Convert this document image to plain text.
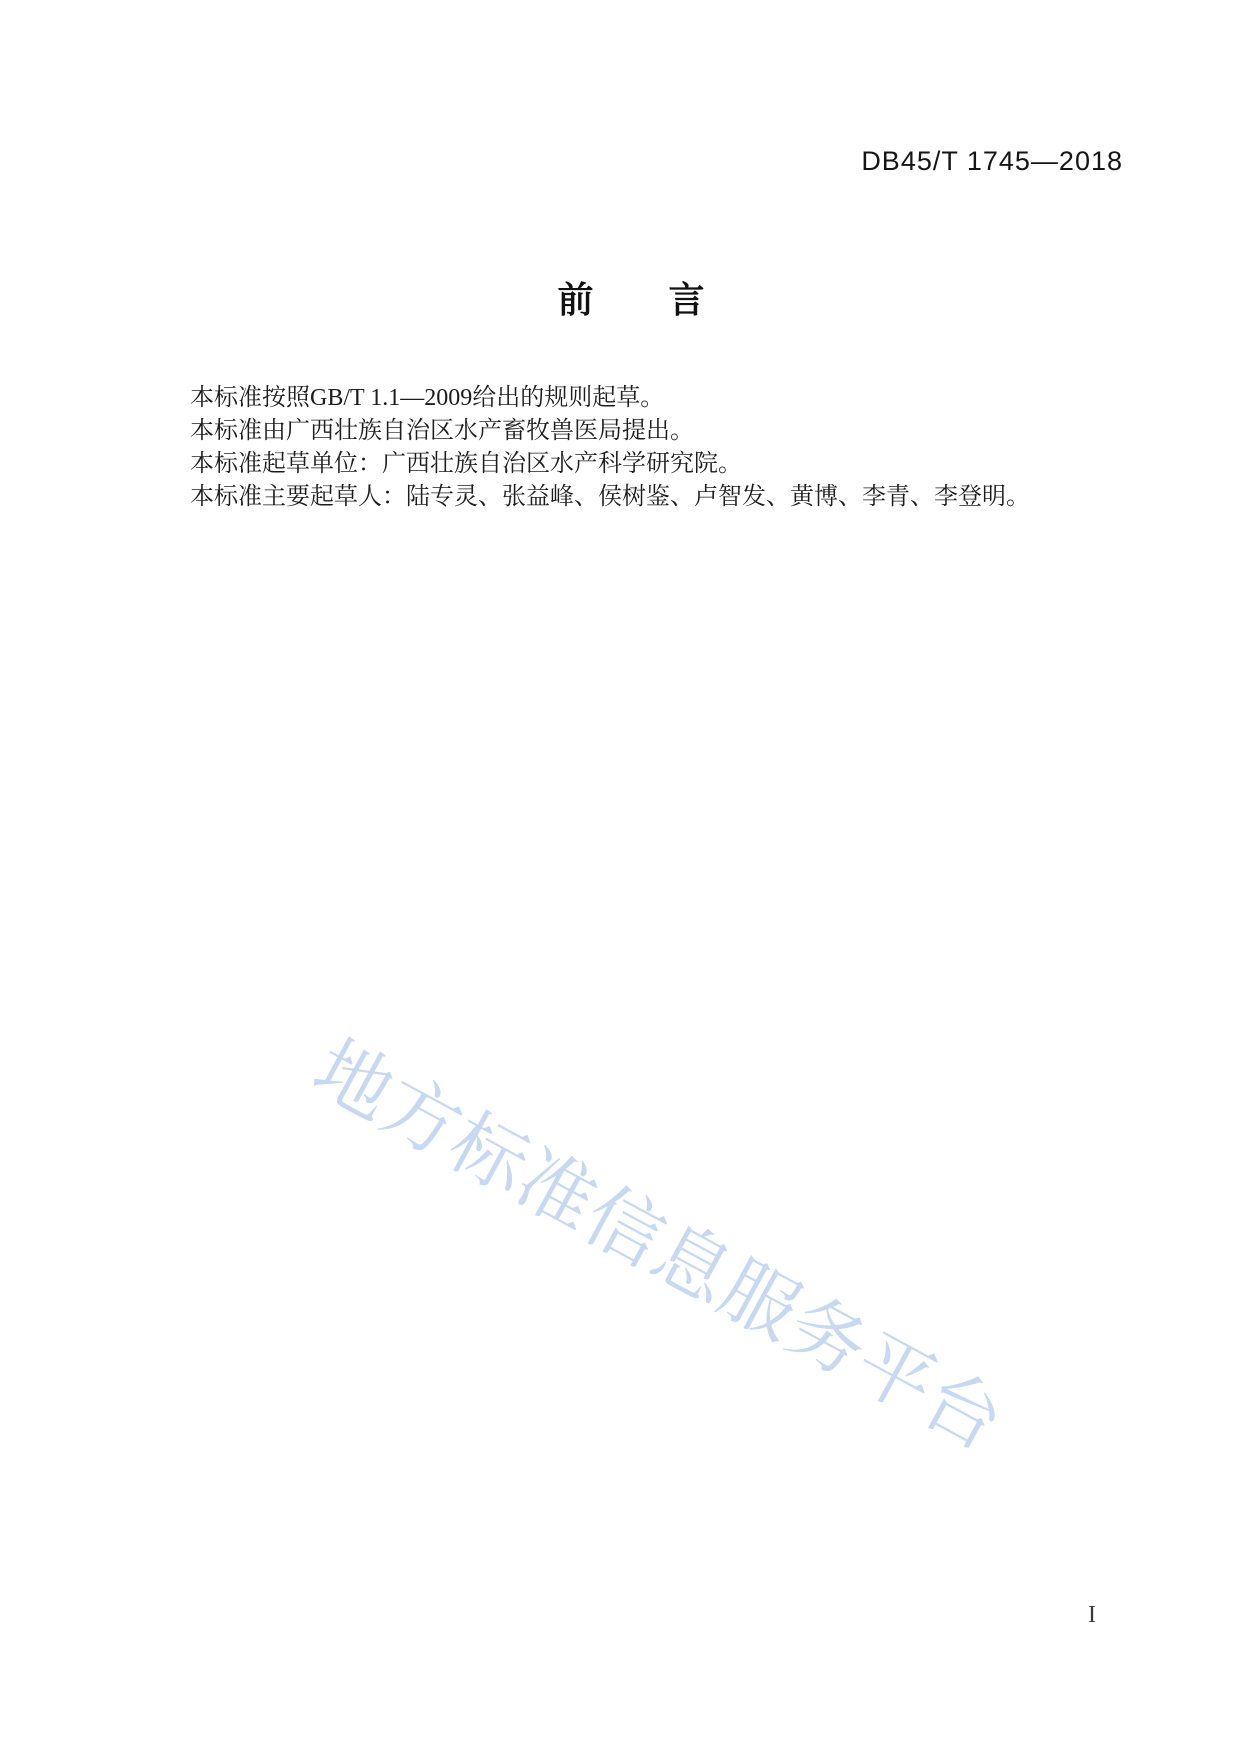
DB45/T 1745—2018
前　　言

本标准按照GB/T 1.1—2009给出的规则起草。

本标准由广西壮族自治区水产畜牧兽医局提出。

本标准起草单位：广西壮族自治区水产科学研究院。

本标准主要起草人：陆专灵、张益峰、侯树鉴、卢智发、黄博、李青、李登明。

地方标准信息服务平台
I
